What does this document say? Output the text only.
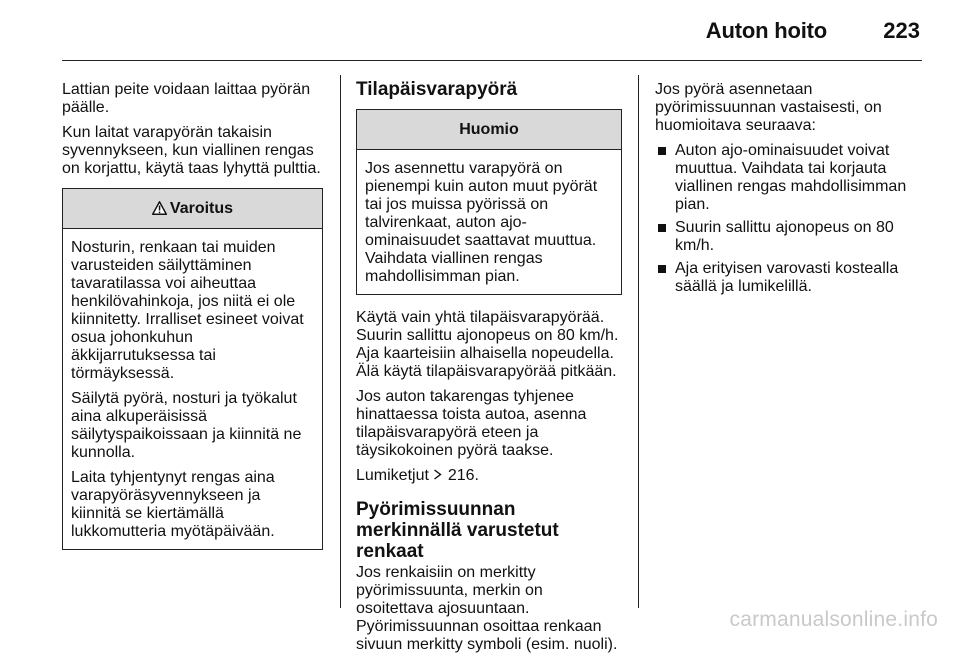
Auton hoito	223

Lattian peite voidaan laittaa pyörän päälle.

Kun laitat varapyörän takaisin syvennykseen, kun viallinen rengas on korjattu, käytä taas lyhyttä pulttia.

Varoitus

Nosturin, renkaan tai muiden varusteiden säilyttäminen tavaratilassa voi aiheuttaa henkilövahinkoja, jos niitä ei ole kiinnitetty. Irralliset esineet voivat osua johonkuhun äkkijarrutuksessa tai törmäyksessä.

Säilytä pyörä, nosturi ja työkalut aina alkuperäisissä säilytyspaikoissaan ja kiinnitä ne kunnolla.

Laita tyhjentynyt rengas aina varapyöräsyvennykseen ja kiinnitä se kiertämällä lukkomutteria myötäpäivään.

Tilapäisvarapyörä
Huomio

Jos asennettu varapyörä on pienempi kuin auton muut pyörät tai jos muissa pyörissä on talvirenkaat, auton ajo-ominaisuudet saattavat muuttua. Vaihdata viallinen rengas mahdollisimman pian.

Käytä vain yhtä tilapäisvarapyörää. Suurin sallittu ajonopeus on 80 km/h. Aja kaarteisiin alhaisella nopeudella. Älä käytä tilapäisvarapyörää pitkään.

Jos auton takarengas tyhjenee hinattaessa toista autoa, asenna tilapäisvarapyörä eteen ja täysikokoinen pyörä taakse.

Lumiketjut 216.

Pyörimissuunnan merkinnällä varustetut renkaat

Jos renkaisiin on merkitty pyörimissuunta, merkin on osoitettava ajosuuntaan. Pyörimissuunnan osoittaa renkaan sivuun merkitty symboli (esim. nuoli).

Jos pyörä asennetaan pyörimissuunnan vastaisesti, on huomioitava seuraava:

Auton ajo-ominaisuudet voivat muuttua. Vaihdata tai korjauta viallinen rengas mahdollisimman pian.
Suurin sallittu ajonopeus on 80 km/h.
Aja erityisen varovasti kostealla säällä ja lumikelillä.
carmanualsonline.info
